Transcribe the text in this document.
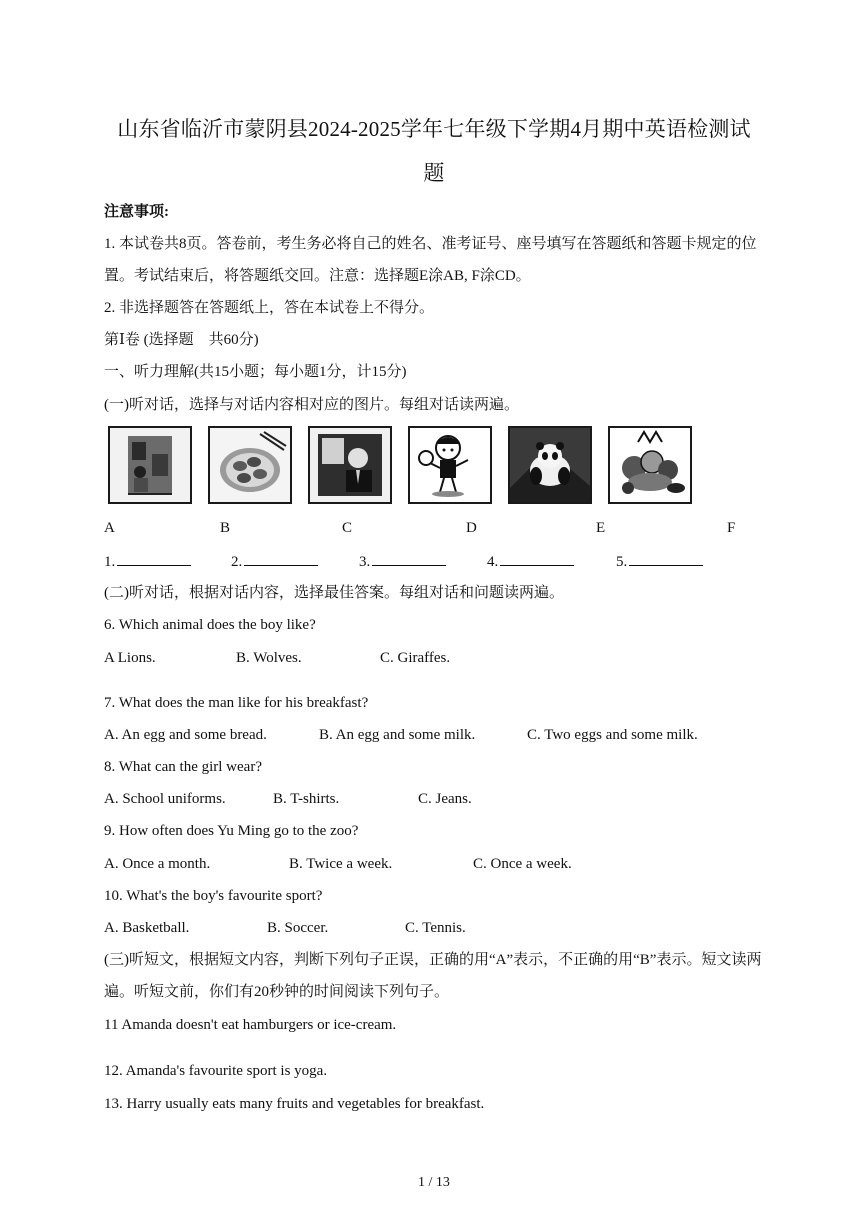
山东省临沂市蒙阴县2024-2025学年七年级下学期4月期中英语检测试
题
注意事项:
1. 本试卷共8页。答卷前，考生务必将自己的姓名、准考证号、座号填写在答题纸和答题卡规定的位置。考试结束后，将答题纸交回。注意：选择题E涂AB, F涂CD。
2. 非选择题答在答题纸上，答在本试卷上不得分。
第Ⅰ卷 (选择题　共60分)
一、听力理解(共15小题；每小题1分，计15分)
(一)听对话，选择与对话内容相对应的图片。每组对话读两遍。
A	B	C	D	E	F
1.	2.	3.	4.	5.
(二)听对话，根据对话内容，选择最佳答案。每组对话和问题读两遍。
6. Which animal does the boy like?
A Lions.	B. Wolves.	C. Giraffes.
7. What does the man like for his breakfast?
A. An egg and some bread.	B. An egg and some milk.	C. Two eggs and some milk.
8. What can the girl wear?
A. School uniforms.	B. T-shirts.	C. Jeans.
9. How often does Yu Ming go to the zoo?
A. Once a month.	B. Twice a week.	C. Once a week.
10. What's the boy's favourite sport?
A. Basketball.	B. Soccer.	C. Tennis.
(三)听短文，根据短文内容，判断下列句子正误，正确的用“A”表示，不正确的用“B”表示。短文读两遍。听短文前，你们有20秒钟的时间阅读下列句子。
11 Amanda doesn't eat hamburgers or ice-cream.
12. Amanda's favourite sport is yoga.
13. Harry usually eats many fruits and vegetables for breakfast.
1 / 13
